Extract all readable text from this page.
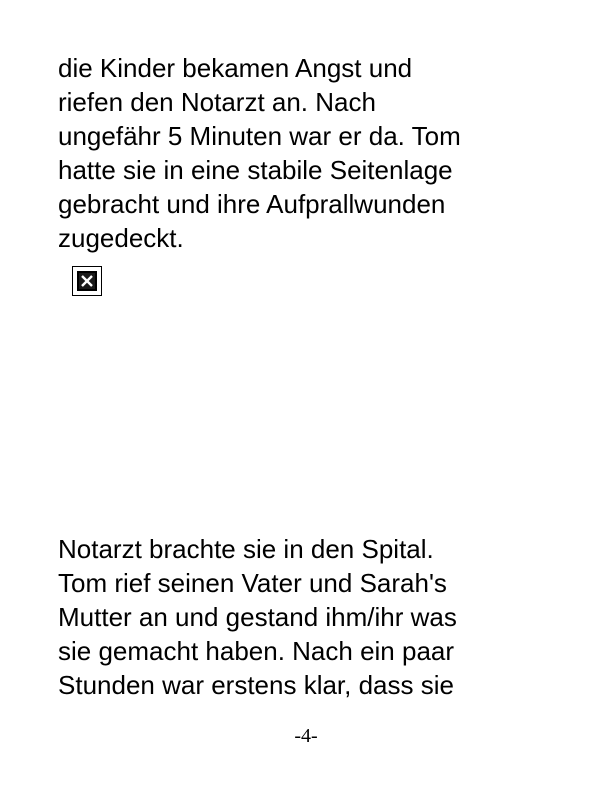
die Kinder bekamen Angst und
riefen den Notarzt an. Nach
ungefähr 5 Minuten war er da. Tom
hatte sie in eine stabile Seitenlage
gebracht und ihre Aufprallwunden
zugedeckt.
Notarzt brachte sie in den Spital.
Tom rief seinen Vater und Sarah's
Mutter an und gestand ihm/ihr was
sie gemacht haben. Nach ein paar
Stunden war erstens klar, dass sie
-4-
